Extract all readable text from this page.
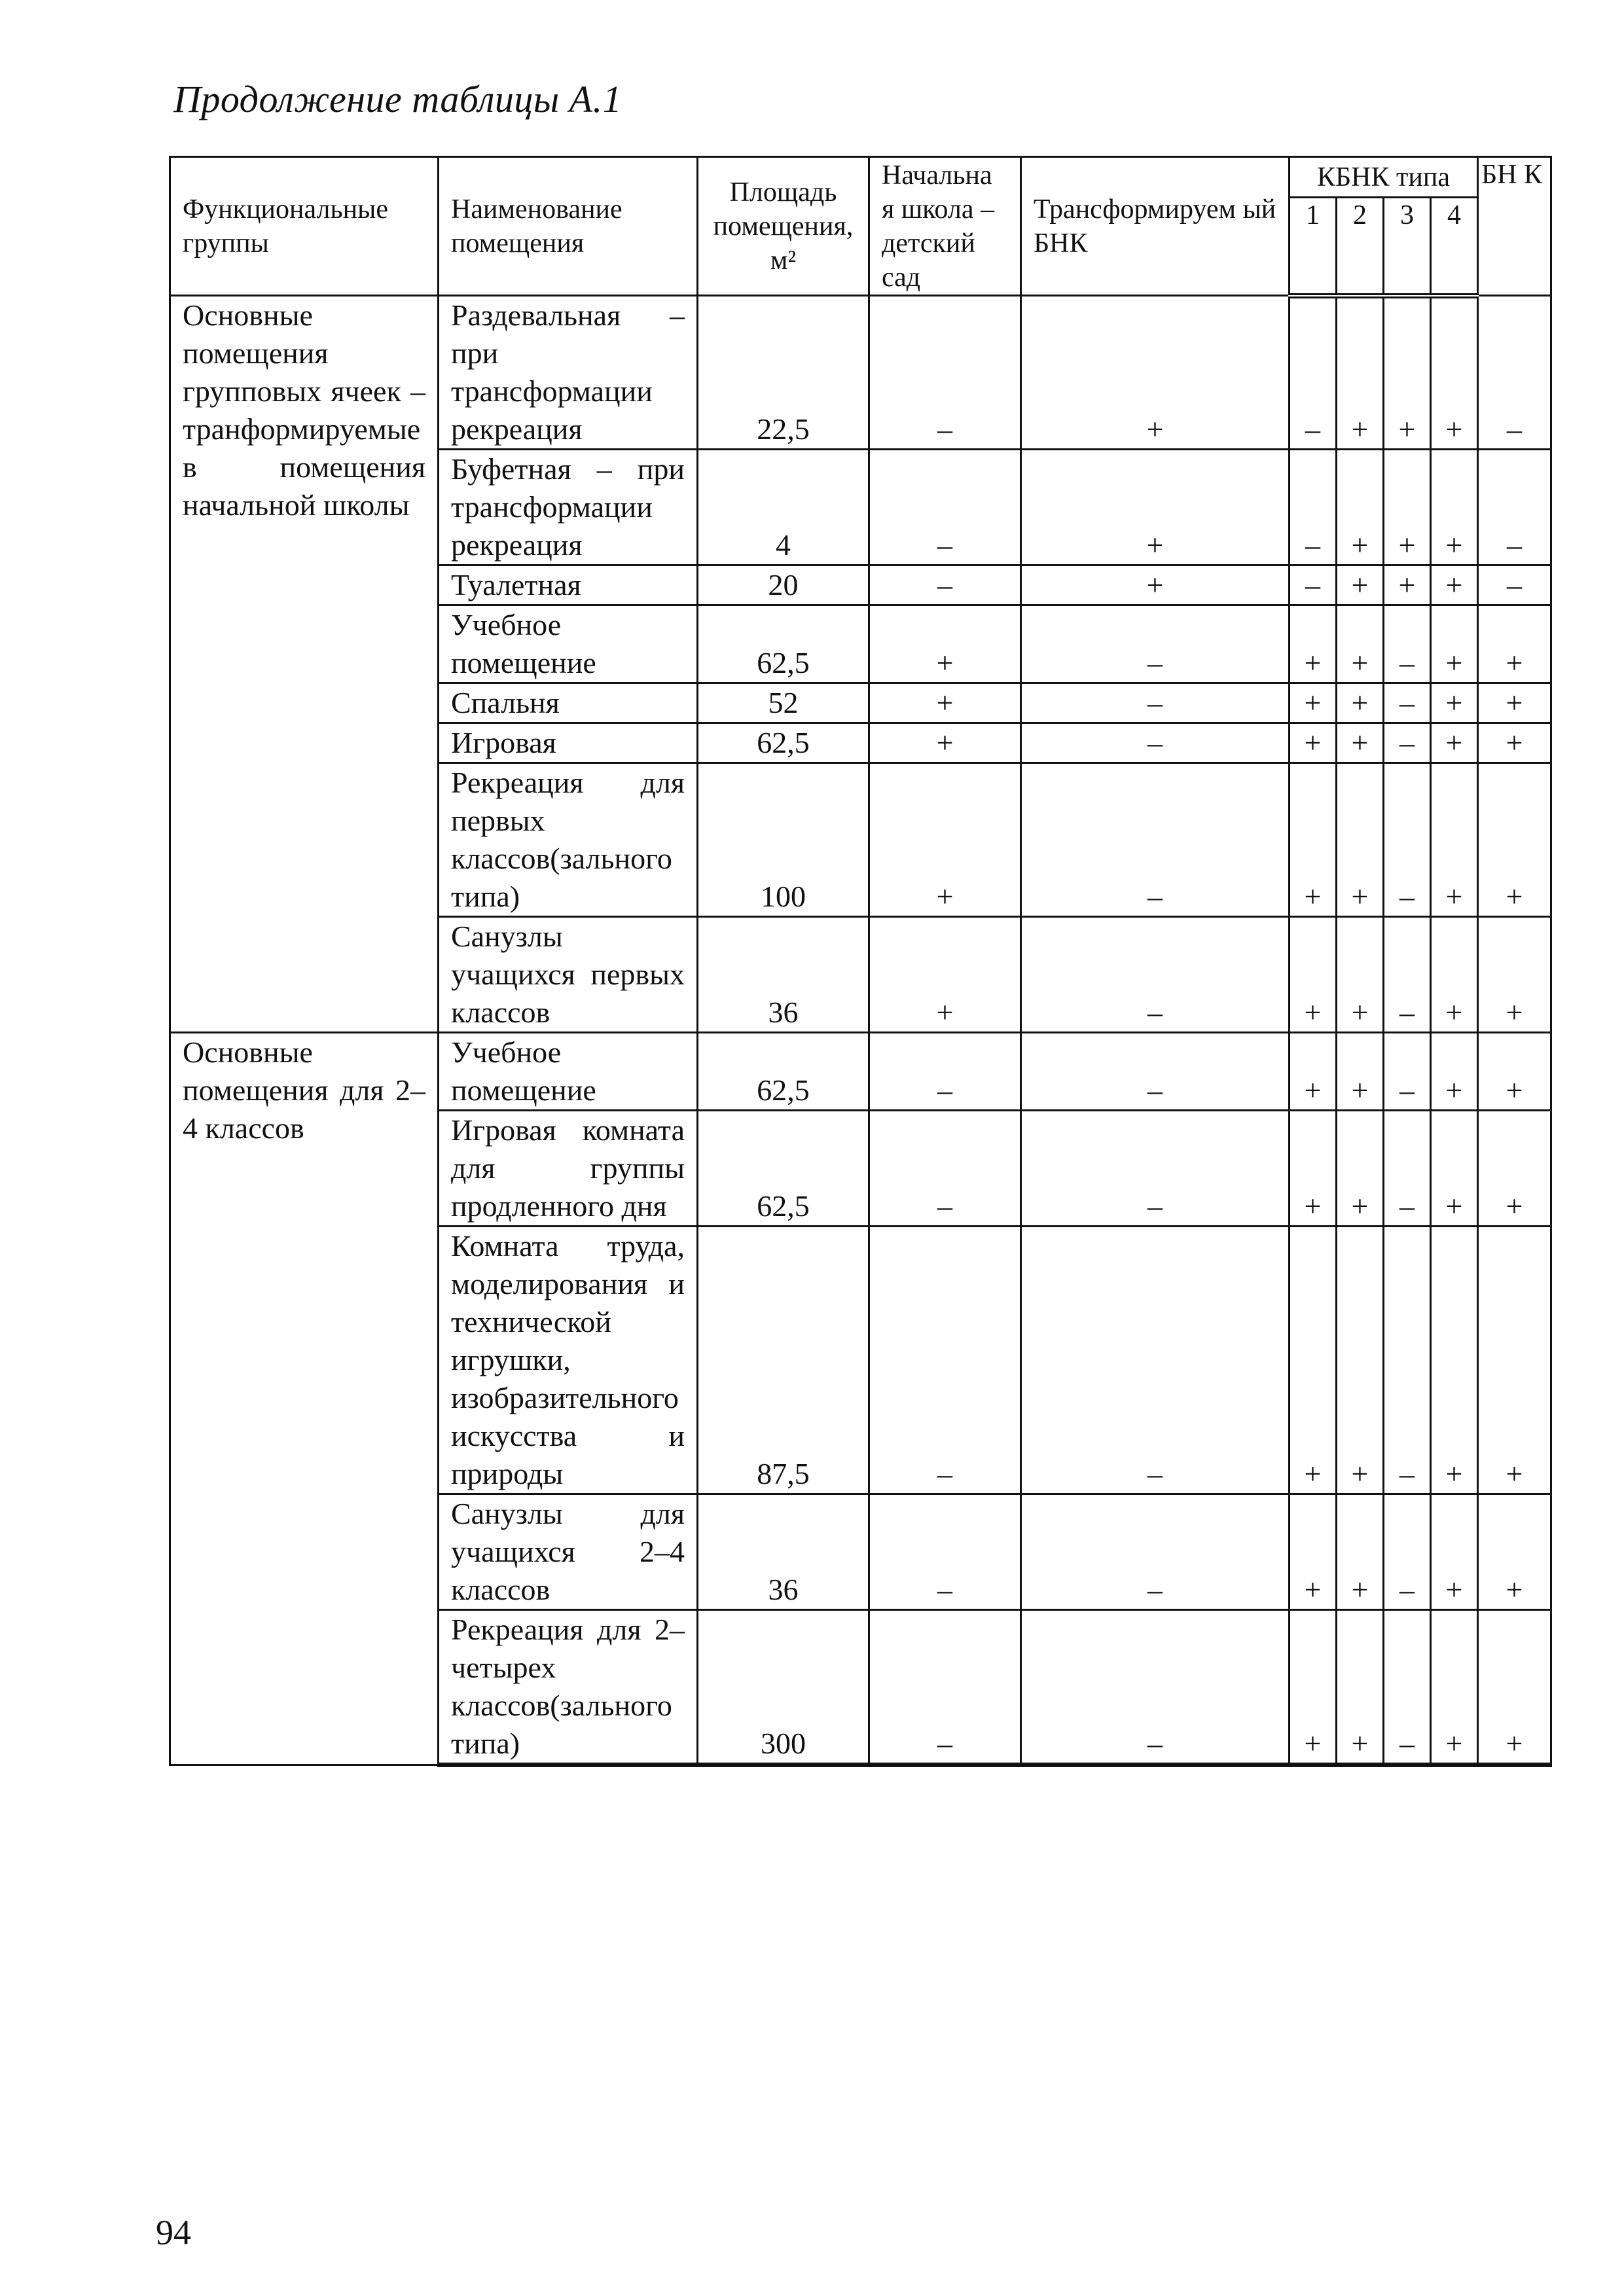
Продолжение таблицы А.1
Функциональные группы	Наименование помещения	Площадь помещения, м²	Начальна я школа – детский сад	Трансформируем ый БНК	КБНК типа				БН К
					1	2	3	4	
Основные помещения групповых ячеек – транформируемые в помещения начальной школы	Раздевальная – при трансформации рекреация	22,5	–	+	–	+	+	+	–
	Буфетная – при трансформации рекреация	4	–	+	–	+	+	+	–
	Туалетная	20	–	+	–	+	+	+	–
	Учебное помещение	62,5	+	–	+	+	–	+	+
	Спальня	52	+	–	+	+	–	+	+
	Игровая	62,5	+	–	+	+	–	+	+
	Рекреация для первых классов(зального типа)	100	+	–	+	+	–	+	+
	Санузлы учащихся первых классов	36	+	–	+	+	–	+	+
Основные помещения для 2–4 классов	Учебное помещение	62,5	–	–	+	+	–	+	+
	Игровая комната для группы продленного дня	62,5	–	–	+	+	–	+	+
	Комната труда, моделирования и технической игрушки, изобразительного искусства и природы	87,5	–	–	+	+	–	+	+
	Санузлы для учащихся 2–4 классов	36	–	–	+	+	–	+	+
	Рекреация для 2–четырех классов(зального типа)	300	–	–	+	+	–	+	+
94
